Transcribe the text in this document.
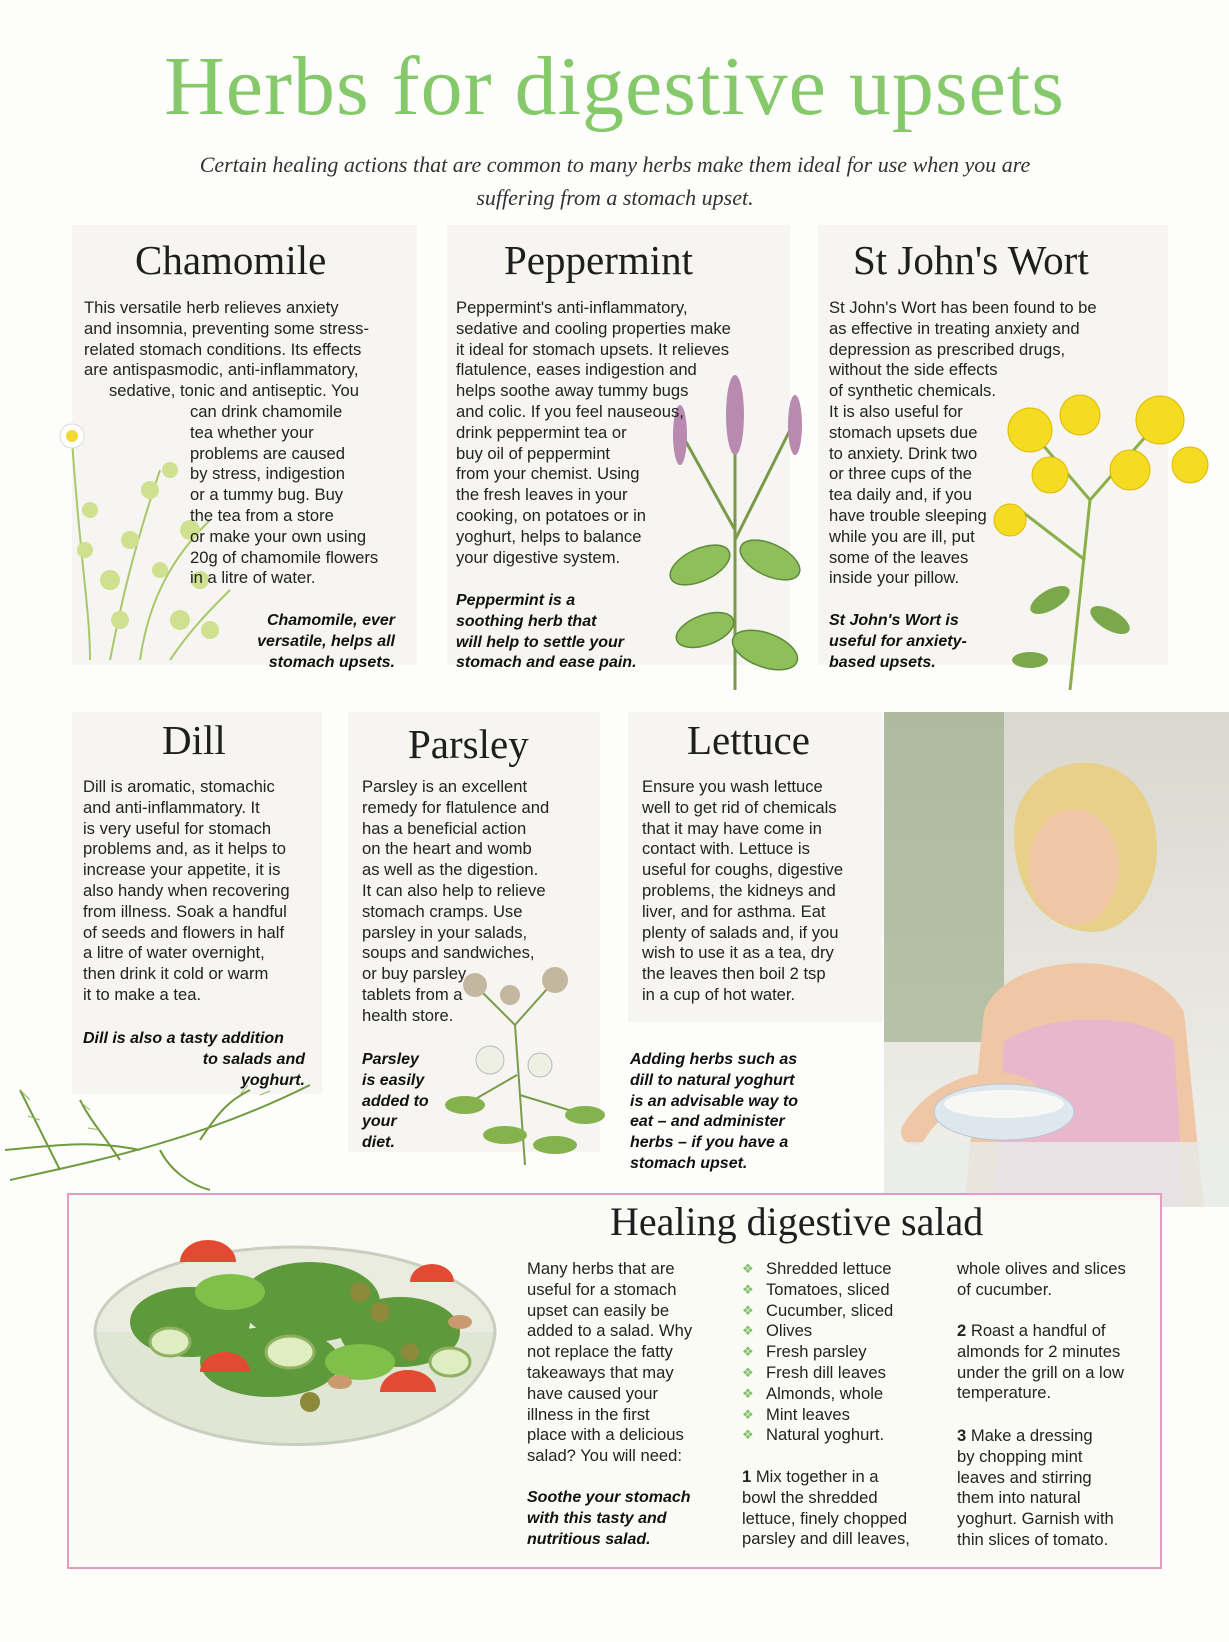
Herbs for digestive upsets
Certain healing actions that are common to many herbs make them ideal for use when you are suffering from a stomach upset.
Chamomile

This versatile herb relieves anxiety
and insomnia, preventing some stress-
related stomach conditions. Its effects
are antispasmodic, anti-inflammatory,

sedative, tonic and antiseptic. You

can drink chamomile
tea whether your
problems are caused
by stress, indigestion
or a tummy bug. Buy
the tea from a store
or make your own using
20g of chamomile flowers
in a litre of water.

Chamomile, ever
versatile, helps all
stomach upsets.

Peppermint

Peppermint's anti-inflammatory,
sedative and cooling properties make
it ideal for stomach upsets. It relieves
flatulence, eases indigestion and
helps soothe away tummy bugs
and colic. If you feel nauseous,
drink peppermint tea or
buy oil of peppermint
from your chemist. Using
the fresh leaves in your
cooking, on potatoes or in
yoghurt, helps to balance
your digestive system.

Peppermint is a
soothing herb that
will help to settle your
stomach and ease pain.

St John's Wort

St John's Wort has been found to be
as effective in treating anxiety and
depression as prescribed drugs,
without the side effects
of synthetic chemicals.
It is also useful for
stomach upsets due
to anxiety. Drink two
or three cups of the
tea daily and, if you
have trouble sleeping
while you are ill, put
some of the leaves
inside your pillow.

St John's Wort is
useful for anxiety-
based upsets.

Dill

Dill is aromatic, stomachic
and anti-inflammatory. It
is very useful for stomach
problems and, as it helps to
increase your appetite, it is
also handy when recovering
from illness. Soak a handful
of seeds and flowers in half
a litre of water overnight,
then drink it cold or warm
it to make a tea.

Dill is also a tasty addition

to salads and
yoghurt.

Parsley

Parsley is an excellent
remedy for flatulence and
has a beneficial action
on the heart and womb
as well as the digestion.
It can also help to relieve
stomach cramps. Use
parsley in your salads,
soups and sandwiches,
or buy parsley
tablets from a
health store.

Parsley
is easily
added to
your
diet.

Lettuce

Ensure you wash lettuce
well to get rid of chemicals
that it may have come in
contact with. Lettuce is
useful for coughs, digestive
problems, the kidneys and
liver, and for asthma. Eat
plenty of salads and, if you
wish to use it as a tea, dry
the leaves then boil 2 tsp
in a cup of hot water.

Adding herbs such as
dill to natural yoghurt
is an advisable way to
eat – and administer
herbs – if you have a
stomach upset.

Healing digestive salad

Many herbs that are
useful for a stomach
upset can easily be
added to a salad. Why
not replace the fatty
takeaways that may
have caused your
illness in the first
place with a delicious
salad? You will need:

Soothe your stomach
with this tasty and
nutritious salad.

❖ Shredded lettuce
❖ Tomatoes, sliced
❖ Cucumber, sliced
❖ Olives
❖ Fresh parsley
❖ Fresh dill leaves
❖ Almonds, whole
❖ Mint leaves
❖ Natural yoghurt.

1 Mix together in a
bowl the shredded
lettuce, finely chopped
parsley and dill leaves,

whole olives and slices
of cucumber.

2 Roast a handful of
almonds for 2 minutes
under the grill on a low
temperature.

3 Make a dressing
by chopping mint
leaves and stirring
them into natural
yoghurt. Garnish with
thin slices of tomato.
